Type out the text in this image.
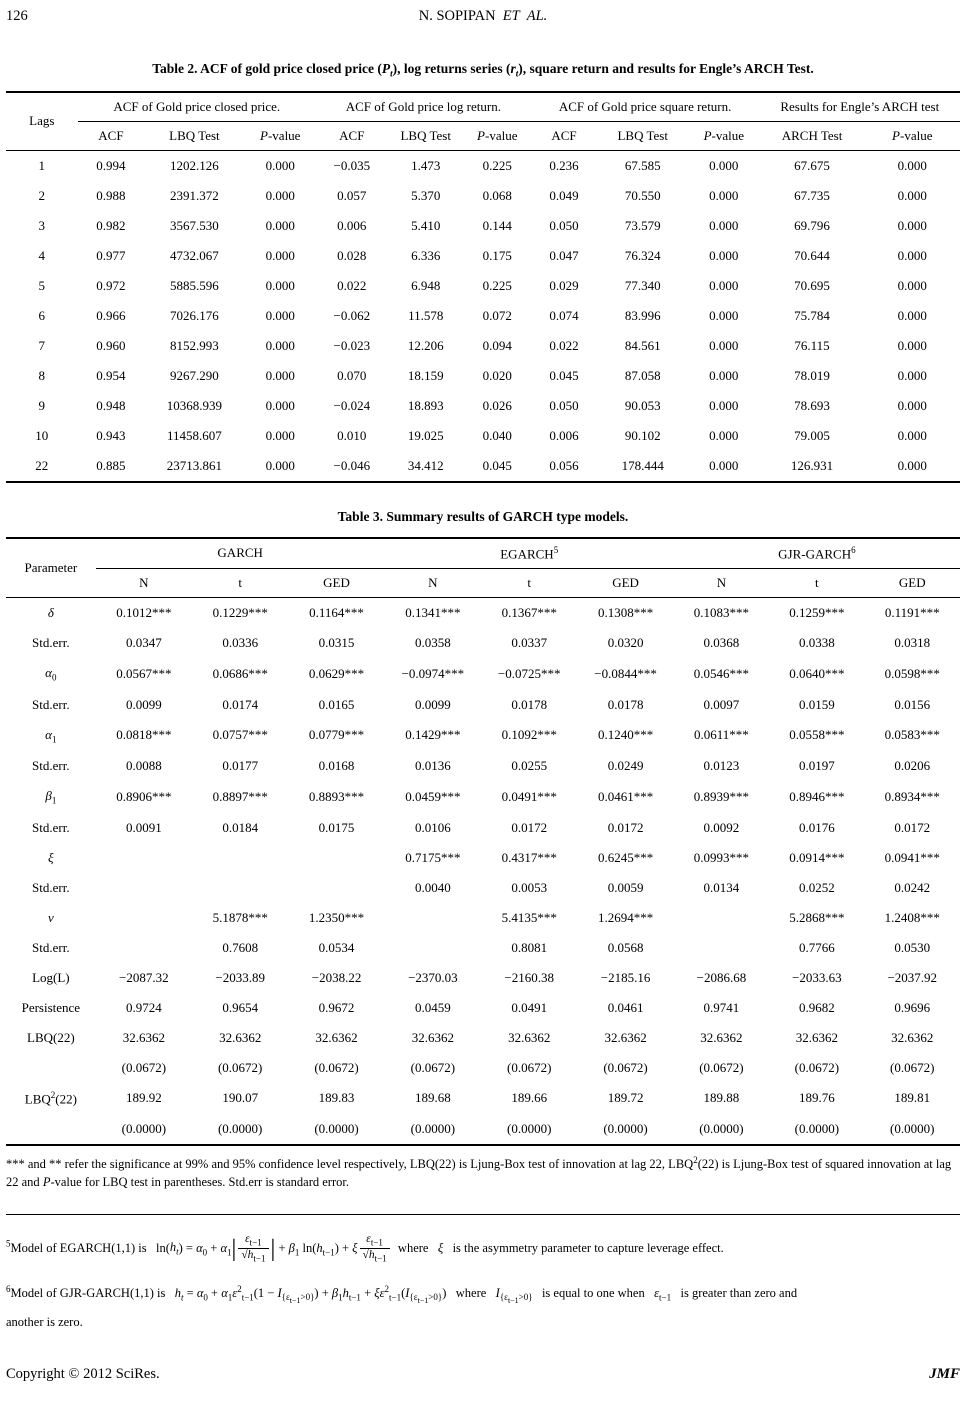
126	N. SOPIPAN  ET  AL.
Table 2. ACF of gold price closed price $(P_t)$, log returns series $(r_t)$, square return and results for Engle’s ARCH Test.
Lags	ACF of Gold price closed price.			ACF of Gold price log return.			ACF of Gold price square return.			Results for Engle’s ARCH test	
	ACF	LBQ Test	P-value	ACF	LBQ Test	P-value	ACF	LBQ Test	P-value	ARCH Test	P-value
1	0.994	1202.126	0.000	−0.035	1.473	0.225	0.236	67.585	0.000	67.675	0.000
2	0.988	2391.372	0.000	0.057	5.370	0.068	0.049	70.550	0.000	67.735	0.000
3	0.982	3567.530	0.000	0.006	5.410	0.144	0.050	73.579	0.000	69.796	0.000
4	0.977	4732.067	0.000	0.028	6.336	0.175	0.047	76.324	0.000	70.644	0.000
5	0.972	5885.596	0.000	0.022	6.948	0.225	0.029	77.340	0.000	70.695	0.000
6	0.966	7026.176	0.000	−0.062	11.578	0.072	0.074	83.996	0.000	75.784	0.000
7	0.960	8152.993	0.000	−0.023	12.206	0.094	0.022	84.561	0.000	76.115	0.000
8	0.954	9267.290	0.000	0.070	18.159	0.020	0.045	87.058	0.000	78.019	0.000
9	0.948	10368.939	0.000	−0.024	18.893	0.026	0.050	90.053	0.000	78.693	0.000
10	0.943	11458.607	0.000	0.010	19.025	0.040	0.006	90.102	0.000	79.005	0.000
22	0.885	23713.861	0.000	−0.046	34.412	0.045	0.056	178.444	0.000	126.931	0.000
Table 3. Summary results of GARCH type models.
Parameter	GARCH			EGARCH$^5$			GJR-GARCH$^6$
	N	t	GED	N	t	GED	N	t	GED
δ	0.1012***	0.1229***	0.1164***	0.1341***	0.1367***	0.1308***	0.1083***	0.1259***	0.1191***
Std.err.	0.0347	0.0336	0.0315	0.0358	0.0337	0.0320	0.0368	0.0338	0.0318
$\alpha_0$	0.0567***	0.0686***	0.0629***	−0.0974***	−0.0725***	−0.0844***	0.0546***	0.0640***	0.0598***
Std.err.	0.0099	0.0174	0.0165	0.0099	0.0178	0.0178	0.0097	0.0159	0.0156
$\alpha_1$	0.0818***	0.0757***	0.0779***	0.1429***	0.1092***	0.1240***	0.0611***	0.0558***	0.0583***
Std.err.	0.0088	0.0177	0.0168	0.0136	0.0255	0.0249	0.0123	0.0197	0.0206
$\beta_1$	0.8906***	0.8897***	0.8893***	0.0459***	0.0491***	0.0461***	0.8939***	0.8946***	0.8934***
Std.err.	0.0091	0.0184	0.0175	0.0106	0.0172	0.0172	0.0092	0.0176	0.0172
ξ				0.7175***	0.4317***	0.6245***	0.0993***	0.0914***	0.0941***
Std.err.				0.0040	0.0053	0.0059	0.0134	0.0252	0.0242
ν		5.1878***	1.2350***		5.4135***	1.2694***		5.2868***	1.2408***
Std.err.		0.7608	0.0534		0.8081	0.0568		0.7766	0.0530
Log(L)	−2087.32	−2033.89	−2038.22	−2370.03	−2160.38	−2185.16	−2086.68	−2033.63	−2037.92
Persistence	0.9724	0.9654	0.9672	0.0459	0.0491	0.0461	0.9741	0.9682	0.9696
LBQ(22)	32.6362	32.6362	32.6362	32.6362	32.6362	32.6362	32.6362	32.6362	32.6362
	(0.0672)	(0.0672)	(0.0672)	(0.0672)	(0.0672)	(0.0672)	(0.0672)	(0.0672)	(0.0672)
LBQ$^2$(22)	189.92	190.07	189.83	189.68	189.66	189.72	189.88	189.76	189.81
	(0.0000)	(0.0000)	(0.0000)	(0.0000)	(0.0000)	(0.0000)	(0.0000)	(0.0000)	(0.0000)
*** and ** refer the significance at 99% and 95% confidence level respectively, LBQ(22) is Ljung-Box test of innovation at lag 22, LBQ$^2$(22) is Ljung-Box test of squared innovation at lag 22 and P-value for LBQ test in parentheses. Std.err is standard error.
$^5$Model of EGARCH(1,1) is   $\ln(h_t) = \alpha_0 + \alpha_1| \frac{\varepsilon_{t-1}}{√h_{t-1}}$ | + $\beta_1$ $\ln(h_{t-1}) + \xi \frac{\varepsilon_{t-1}}{√h_{t-1}}$ where   ξ   is the asymmetry parameter to capture leverage effect.
$^6$Model of GJR-GARCH(1,1) is   $h_t = \alpha_0 + \alpha_1\varepsilon^2_{t-1}(1 - I_{\{\varepsilon_{t-1}>0\}}) + \beta_1h_{t-1} + \xi\varepsilon^2_{t-1}(I_{\{\varepsilon_{t-1}>0\}})$   where   $I_{\{\varepsilon_{t-1}>0\}}$   is equal to one when   $\varepsilon_{t-1}$   is greater than zero and
another is zero.
Copyright © 2012 SciRes.	JMF
